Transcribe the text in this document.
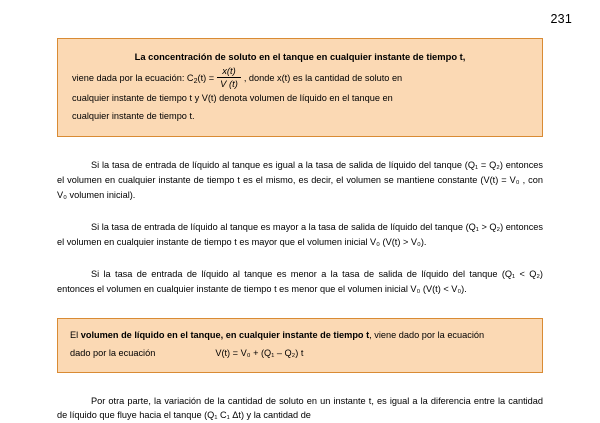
231
La concentración de soluto en el tanque en cualquier instante de tiempo t,
viene dada por la ecuación: $C_2(t) = \frac{x(t)}{V (t)}$ , donde x(t) es la cantidad de soluto en
cualquier instante de tiempo t y V(t) denota volumen de líquido en el tanque en
cualquier instante de tiempo t.

Si la tasa de entrada de líquido al tanque es igual a la tasa de salida de líquido del tanque (Q₁ = Q₂) entonces el volumen en cualquier instante de tiempo t es el mismo, es decir, el volumen se mantiene constante (V(t) = V₀ , con V₀ volumen inicial).

Si la tasa de entrada de líquido al tanque es mayor a la tasa de salida de líquido del tanque (Q₁ > Q₂) entonces el volumen en cualquier instante de tiempo t es mayor que el volumen inicial V₀ (V(t) > V₀).

Si la tasa de entrada de líquido al tanque es menor a la tasa de salida de líquido del tanque (Q₁ < Q₂) entonces el volumen en cualquier instante de tiempo t es menor que el volumen inicial V₀ (V(t) < V₀).

El volumen de líquido en el tanque, en cualquier instante de tiempo t, viene dado por la ecuación
dado por la ecuación	V(t) = V₀ + (Q₁ – Q₂) t

Por otra parte, la variación de la cantidad de soluto en un instante t, es igual a la diferencia entre la cantidad de líquido que fluye hacia el tanque (Q₁ C₁ Δt) y la cantidad de
